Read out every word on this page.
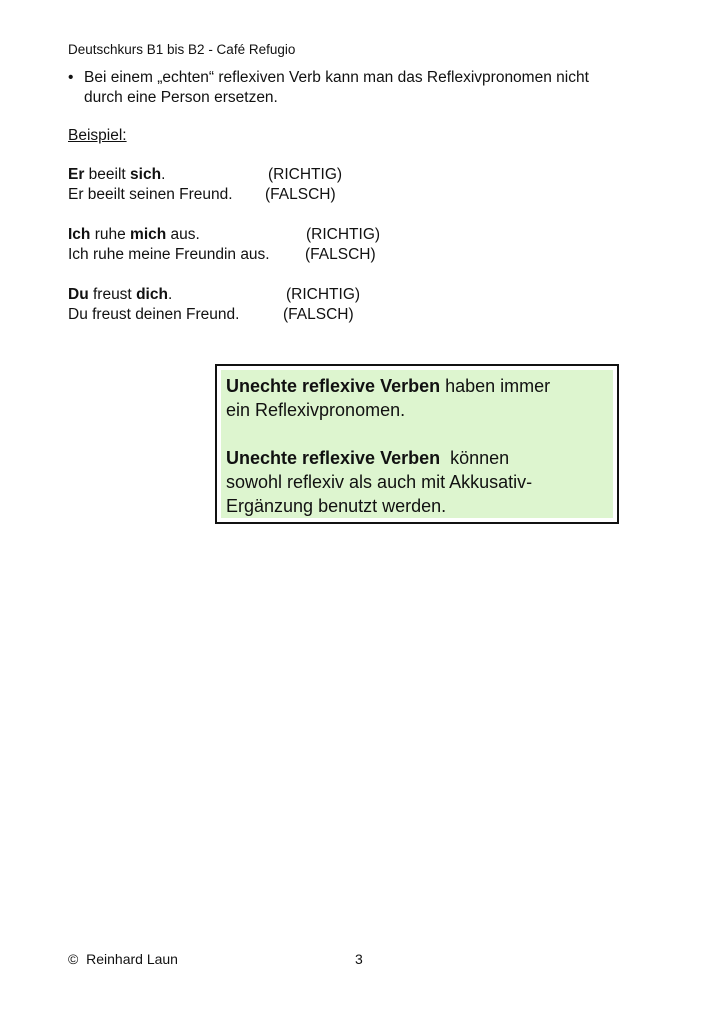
Deutschkurs B1 bis B2 - Café Refugio
• Bei einem „echten“ reflexiven Verb kann man das Reflexivpronomen nicht
durch eine Person ersetzen.
Beispiel:
Er beeilt sich.	(RICHTIG)
Er beeilt seinen Freund. (FALSCH)
Ich ruhe mich aus.	(RICHTIG)
Ich ruhe meine Freundin aus. (FALSCH)
Du freust dich.	(RICHTIG)
Du freust deinen Freund.	(FALSCH)
Unechte reflexive Verben haben immer
ein Reflexivpronomen.
Unechte reflexive Verben  können
sowohl reflexiv als auch mit Akkusativ-
Ergänzung benutzt werden.
© Reinhard Laun	3
